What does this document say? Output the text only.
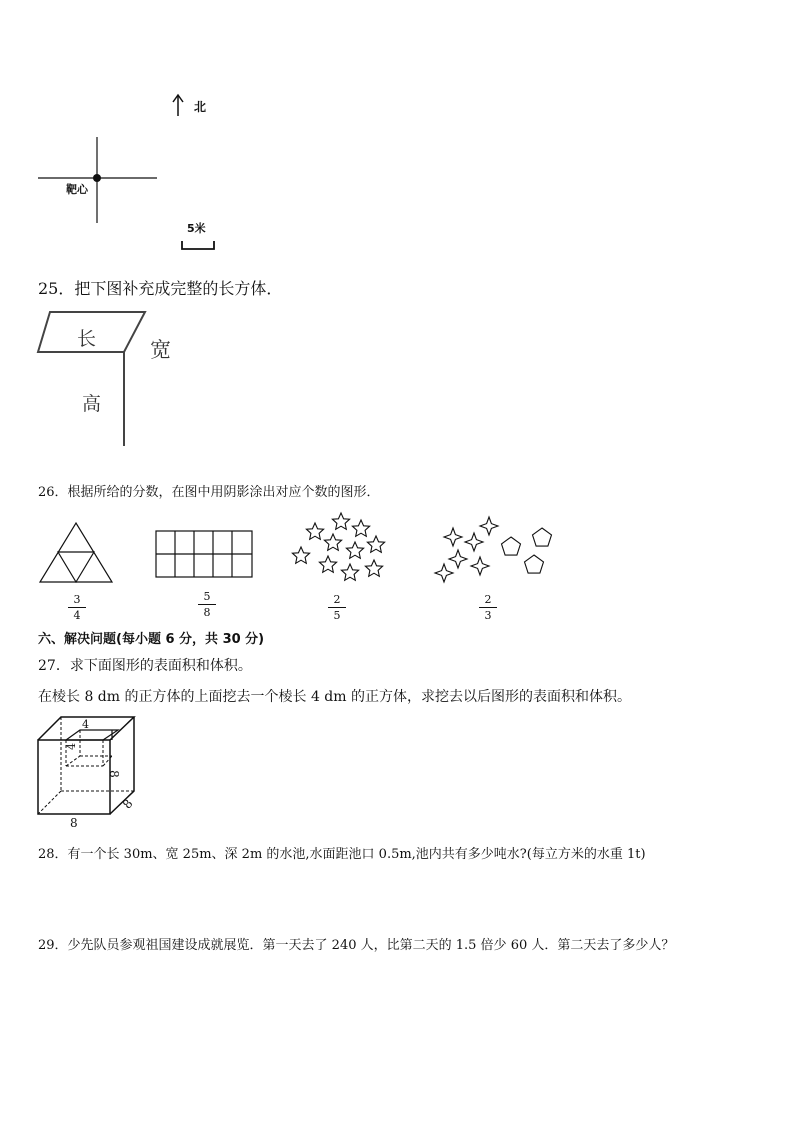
北
靶心
5米
25．把下图补充成完整的长方体．
长	宽
高
26．根据所给的分数，在图中用阴影涂出对应个数的图形．
3
4
5
8
2
5
2
3
六、解决问题(每小题 6 分，共 30 分)
27．求下面图形的表面积和体积。
在棱长 8 dm 的正方体的上面挖去一个棱长 4 dm 的正方体，求挖去以后图形的表面积和体积。
4
4
8
8
8
28．有一个长 30m、宽 25m、深 2m 的水池,水面距池口 0.5m,池内共有多少吨水?(每立方米的水重 1t)
29．少先队员参观祖国建设成就展览．第一天去了 240 人，比第二天的 1.5 倍少 60 人．第二天去了多少人？
